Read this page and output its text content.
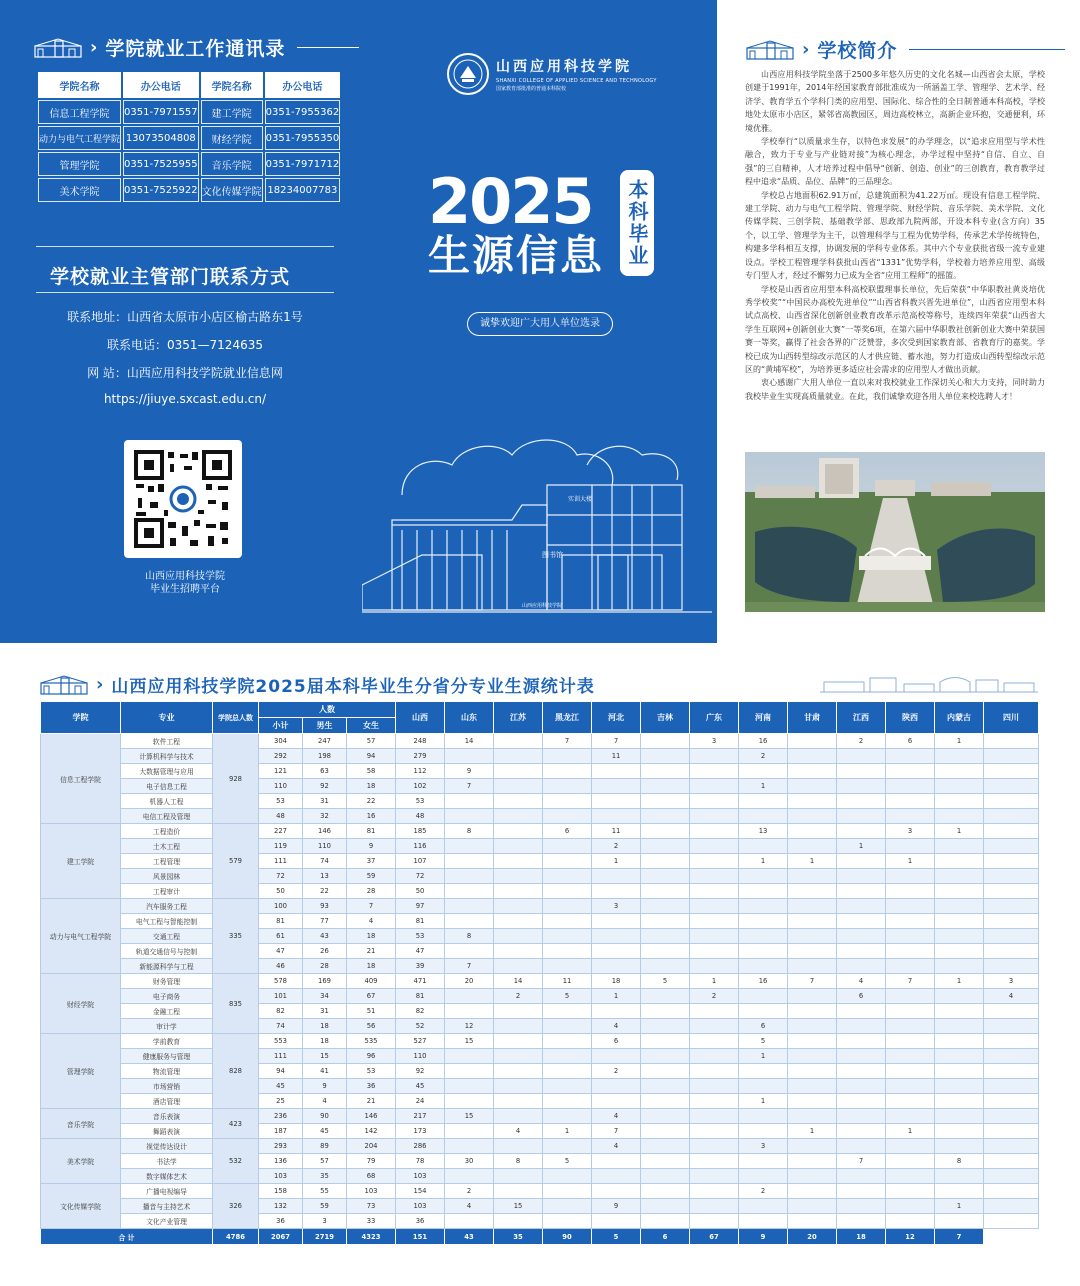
› 学院就业工作通讯录
学院名称	办公电话	学院名称	办公电话
信息工程学院	0351-7971557	建工学院	0351-7955362
动力与电气工程学院	13073504808	财经学院	0351-7955350
管理学院	0351-7525955	音乐学院	0351-7971712
美术学院	0351-7525922	文化传媒学院	18234007783
学校就业主管部门联系方式
联系地址：山西省太原市小店区榆古路东1号
联系电话：0351—7124635
网 站：山西应用科技学院就业信息网
https://jiuye.sxcast.edu.cn/
山西应用科技学院
毕业生招聘平台
山西应用科技学院
SHANXI COLLEGE OF APPLIED SCIENCE AND TECHNOLOGY
国家教育部批准的普通本科院校
2025
生源信息 本科毕业生
诚挚欢迎广大用人单位选录
图书馆
实训大楼
山西应用科技学院
› 学校简介

山西应用科技学院坐落于2500多年悠久历史的文化名城—山西省会太原，学校创建于1991年，2014年经国家教育部批准成为一所涵盖工学、管理学、艺术学、经济学、教育学五个学科门类的应用型、国际化、综合性的全日制普通本科高校，学校地处太原市小店区，紧邻省高教园区，周边高校林立，高新企业环抱，交通便利，环境优雅。

学校奉行“以质量求生存，以特色求发展”的办学理念，以“追求应用型与学术性融合，致力于专业与产业链对接”为核心理念，办学过程中坚持“自信、自立、自强”的三自精神，人才培养过程中倡导“创新、创造、创业”的三创教育，教育教学过程中追求“品质、品位、品牌”的三品理念。

学校总占地面积62.91万㎡，总建筑面积为41.22万㎡。现设有信息工程学院、建工学院、动力与电气工程学院、管理学院、财经学院、音乐学院、美术学院、文化传媒学院、三创学院、基础教学部、思政部九院两部，开设本科专业(含方向）35个，以工学、管理学为主干，以管理科学与工程为优势学科，传承艺术学传统特色，构建多学科相互支撑，协调发展的学科专业体系。其中六个专业获批省级一流专业建设点。学校工程管理学科获批山西省“1331”优势学科，学校着力培养应用型、高级专门型人才，经过不懈努力已成为全省“应用工程师”的摇篮。

学校是山西省应用型本科高校联盟理事长单位，先后荣获“中华职教社黄炎培优秀学校奖”“中国民办高校先进单位”“山西省科教兴晋先进单位”，山西省应用型本科试点高校、山西省深化创新创业教育改革示范高校等称号，连续四年荣获“山西省大学生互联网+创新创业大赛”一等奖6项，在第六届中华职教社创新创业大赛中荣获国赛一等奖，赢得了社会各界的广泛赞誉，多次受到国家教育部、省教育厅的嘉奖。学校已成为山西转型综改示范区的人才供应链、蓄水池，努力打造成山西转型综改示范区的“黄埔军校”，为培养更多适应社会需求的应用型人才做出贡献。

衷心感谢广大用人单位一直以来对我校就业工作深切关心和大力支持，同时助力我校毕业生实现高质量就业。在此，我们诚挚欢迎各用人单位来校选聘人才！

› 山西应用科技学院2025届本科毕业生分省分专业生源统计表
学院	专业	学院总人数	人数			山西	山东	江苏	黑龙江	河北	吉林	广东	河南	甘肃	江西	陕西	内蒙古	四川
			小计	男生	女生													
信息工程学院	软件工程	928	304	247	57	248	14		7	7		3	16		2	6	1	
	计算机科学与技术		292	198	94	279				11			2					
	大数据管理与应用		121	63	58	112	9											
	电子信息工程		110	92	18	102	7						1					
	机器人工程		53	31	22	53												
	电信工程及管理		48	32	16	48												
建工学院	工程造价	579	227	146	81	185	8		6	11			13			3	1	
	土木工程		119	110	9	116				2					1			
	工程管理		111	74	37	107				1			1	1		1		
	风景园林		72	13	59	72												
	工程审计		50	22	28	50												
动力与电气工程学院	汽车服务工程	335	100	93	7	97				3								
	电气工程与智能控制		81	77	4	81												
	交通工程		61	43	18	53	8											
	轨道交通信号与控制		47	26	21	47												
	新能源科学与工程		46	28	18	39	7											
财经学院	财务管理	835	578	169	409	471	20	14	11	18	5	1	16	7	4	7	1	3
	电子商务		101	34	67	81		2	5	1		2			6			4
	金融工程		82	31	51	82												
	审计学		74	18	56	52	12			4			6					
管理学院	学前教育	828	553	18	535	527	15			6			5					
	健康服务与管理		111	15	96	110							1					
	物流管理		94	41	53	92				2								
	市场营销		45	9	36	45												
	酒店管理		25	4	21	24							1					
音乐学院	音乐表演	423	236	90	146	217	15			4								
	舞蹈表演		187	45	142	173		4	1	7				1		1		
美术学院	视觉传达设计	532	293	89	204	286				4			3					
	书法学		136	57	79	78	30	8	5						7		8	
	数字媒体艺术		103	35	68	103												
文化传媒学院	广播电视编导	326	158	55	103	154	2						2					
	播音与主持艺术		132	59	73	103	4	15		9							1	
	文化产业管理		36	3	33	36												
合 计		4786	2067	2719	4323	151	43	35	90	5	6	67	9	20	18	12	7	
